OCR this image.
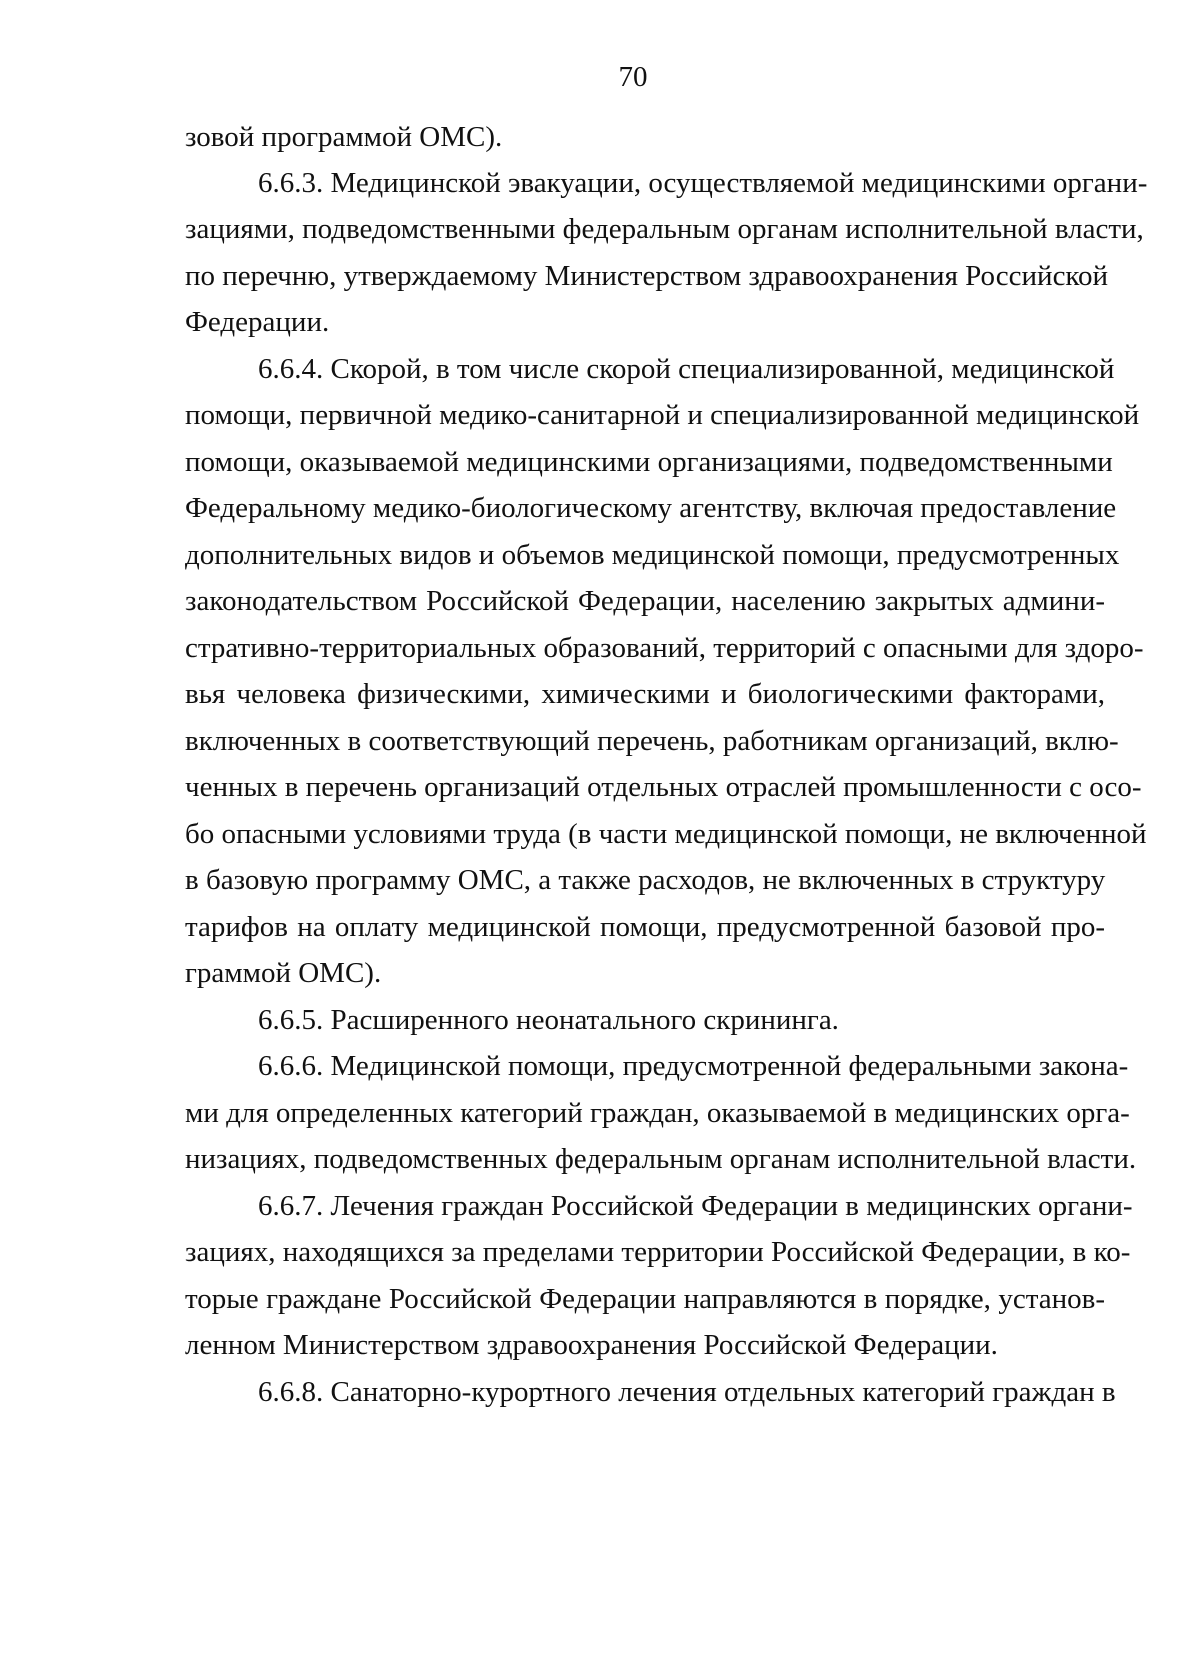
70
зовой программой ОМС).
6.6.3. Медицинской эвакуации, осуществляемой медицинскими органи-
зациями, подведомственными федеральным органам исполнительной власти,
по перечню, утверждаемому Министерством здравоохранения Российской
Федерации.
6.6.4. Скорой, в том числе скорой специализированной, медицинской
помощи, первичной медико-санитарной и специализированной медицинской
помощи, оказываемой медицинскими организациями, подведомственными
Федеральному медико-биологическому агентству, включая предоставление
дополнительных видов и объемов медицинской помощи, предусмотренных
законодательством Российской Федерации, населению закрытых админи-
стративно-территориальных образований, территорий с опасными для здоро-
вья человека физическими, химическими и биологическими факторами,
включенных в соответствующий перечень, работникам организаций, вклю-
ченных в перечень организаций отдельных отраслей промышленности с осо-
бо опасными условиями труда (в части медицинской помощи, не включенной
в базовую программу ОМС, а также расходов, не включенных в структуру
тарифов на оплату медицинской помощи, предусмотренной базовой про-
граммой ОМС).
6.6.5. Расширенного неонатального скрининга.
6.6.6. Медицинской помощи, предусмотренной федеральными закона-
ми для определенных категорий граждан, оказываемой в медицинских орга-
низациях, подведомственных федеральным органам исполнительной власти.
6.6.7. Лечения граждан Российской Федерации в медицинских органи-
зациях, находящихся за пределами территории Российской Федерации, в ко-
торые граждане Российской Федерации направляются в порядке, установ-
ленном Министерством здравоохранения Российской Федерации.
6.6.8. Санаторно-курортного лечения отдельных категорий граждан в
